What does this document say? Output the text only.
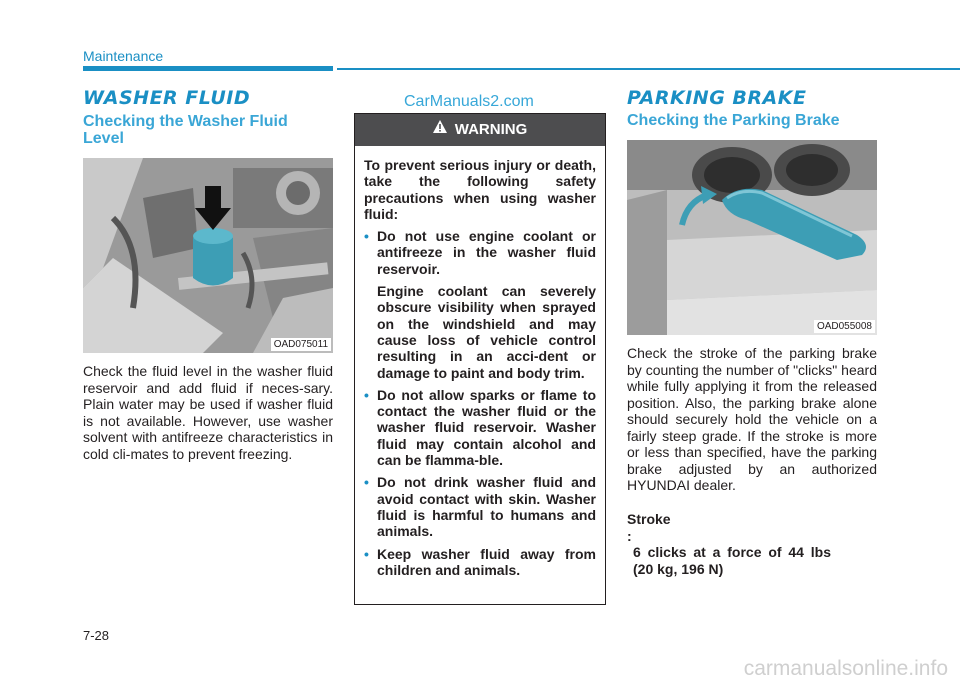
Maintenance
WASHER FLUID
Checking the Washer Fluid Level
OAD075011
Check the fluid level in the washer fluid reservoir and add fluid if neces-sary. Plain water may be used if washer fluid is not available. However, use washer solvent with antifreeze characteristics in cold cli-mates to prevent freezing.
CarManuals2.com
WARNING

To prevent serious injury or death, take the following safety precautions when using washer fluid:

• Do not use engine coolant or antifreeze in the washer fluid reservoir.

Engine coolant can severely obscure visibility when sprayed on the windshield and may cause loss of vehicle control resulting in an acci-dent or damage to paint and body trim.

• Do not allow sparks or flame to contact the washer fluid or the washer fluid reservoir. Washer fluid may contain alcohol and can be flamma-ble.
• Do not drink washer fluid and avoid contact with skin. Washer fluid is harmful to humans and animals.
• Keep washer fluid away from children and animals.
PARKING BRAKE
Checking the Parking Brake
OAD055008
Check the stroke of the parking brake by counting the number of "clicks" heard while fully applying it from the released position. Also, the parking brake alone should securely hold the vehicle on a fairly steep grade. If the stroke is more or less than specified, have the parking brake adjusted by an authorized HYUNDAI dealer.
Stroke : 6 clicks at a force of 44 lbs (20 kg, 196 N)
7-28
carmanualsonline.info
